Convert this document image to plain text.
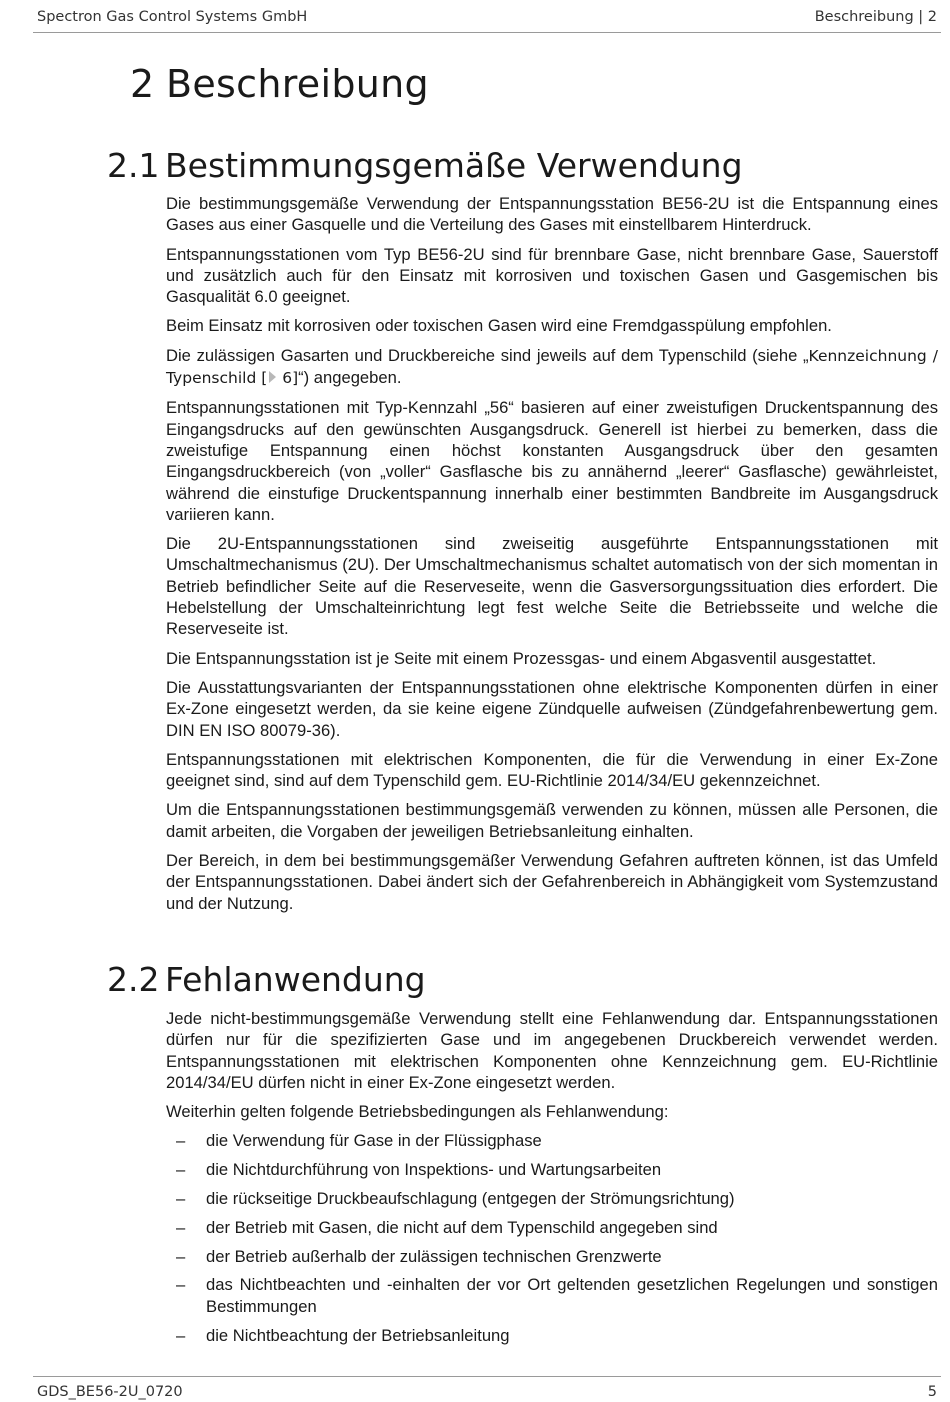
Spectron Gas Control Systems GmbH	Beschreibung | 2
2 Beschreibung
2.1 Bestimmungsgemäße Verwendung

Die bestimmungsgemäße Verwendung der Entspannungsstation BE56-2U ist die Entspannung eines Gases aus einer Gasquelle und die Verteilung des Gases mit einstellbarem Hinterdruck.

Entspannungsstationen vom Typ BE56-2U sind für brennbare Gase, nicht brennbare Gase, Sauerstoff und zusätzlich auch für den Einsatz mit korrosiven und toxischen Gasen und Gasgemischen bis Gasqualität 6.0 geeignet.

Beim Einsatz mit korrosiven oder toxischen Gasen wird eine Fremdgasspülung empfohlen.

Die zulässigen Gasarten und Druckbereiche sind jeweils auf dem Typenschild (siehe „Kennzeichnung / Typenschild [ 6]“) angegeben.

Entspannungsstationen mit Typ-Kennzahl „56“ basieren auf einer zweistufigen Druckentspannung des Eingangsdrucks auf den gewünschten Ausgangsdruck. Generell ist hierbei zu bemerken, dass die zweistufige Entspannung einen höchst konstanten Ausgangsdruck über den gesamten Eingangsdruckbereich (von „voller“ Gasflasche bis zu annähernd „leerer“ Gasflasche) gewährleistet, während die einstufige Druckentspannung innerhalb einer bestimmten Bandbreite im Ausgangsdruck variieren kann.

Die 2U-Entspannungsstationen sind zweiseitig ausgeführte Entspannungsstationen mit Umschaltmechanismus (2U). Der Umschaltmechanismus schaltet automatisch von der sich momentan in Betrieb befindlicher Seite auf die Reserveseite, wenn die Gasversorgungssituation dies erfordert. Die Hebelstellung der Umschalteinrichtung legt fest welche Seite die Betriebsseite und welche die Reserveseite ist.

Die Entspannungsstation ist je Seite mit einem Prozessgas- und einem Abgasventil ausgestattet.

Die Ausstattungsvarianten der Entspannungsstationen ohne elektrische Komponenten dürfen in einer Ex-Zone eingesetzt werden, da sie keine eigene Zündquelle aufweisen (Zündgefahrenbewertung gem. DIN EN ISO 80079-36).

Entspannungsstationen mit elektrischen Komponenten, die für die Verwendung in einer Ex-Zone geeignet sind, sind auf dem Typenschild gem. EU-Richtlinie 2014/34/EU gekennzeichnet.

Um die Entspannungsstationen bestimmungsgemäß verwenden zu können, müssen alle Personen, die damit arbeiten, die Vorgaben der jeweiligen Betriebsanleitung einhalten.

Der Bereich, in dem bei bestimmungsgemäßer Verwendung Gefahren auftreten können, ist das Umfeld der Entspannungsstationen. Dabei ändert sich der Gefahrenbereich in Abhängigkeit vom Systemzustand und der Nutzung.

2.2 Fehlanwendung

Jede nicht-bestimmungsgemäße Verwendung stellt eine Fehlanwendung dar. Entspannungsstationen dürfen nur für die spezifizierten Gase und im angegebenen Druckbereich verwendet werden. Entspannungsstationen mit elektrischen Komponenten ohne Kennzeichnung gem. EU-Richtlinie 2014/34/EU dürfen nicht in einer Ex-Zone eingesetzt werden.

Weiterhin gelten folgende Betriebsbedingungen als Fehlanwendung:

– die Verwendung für Gase in der Flüssigphase
– die Nichtdurchführung von Inspektions- und Wartungsarbeiten
– die rückseitige Druckbeaufschlagung (entgegen der Strömungsrichtung)
– der Betrieb mit Gasen, die nicht auf dem Typenschild angegeben sind
– der Betrieb außerhalb der zulässigen technischen Grenzwerte
– das Nichtbeachten und -einhalten der vor Ort geltenden gesetzlichen Regelungen und sonstigen Bestimmungen
– die Nichtbeachtung der Betriebsanleitung
GDS_BE56-2U_0720	5
